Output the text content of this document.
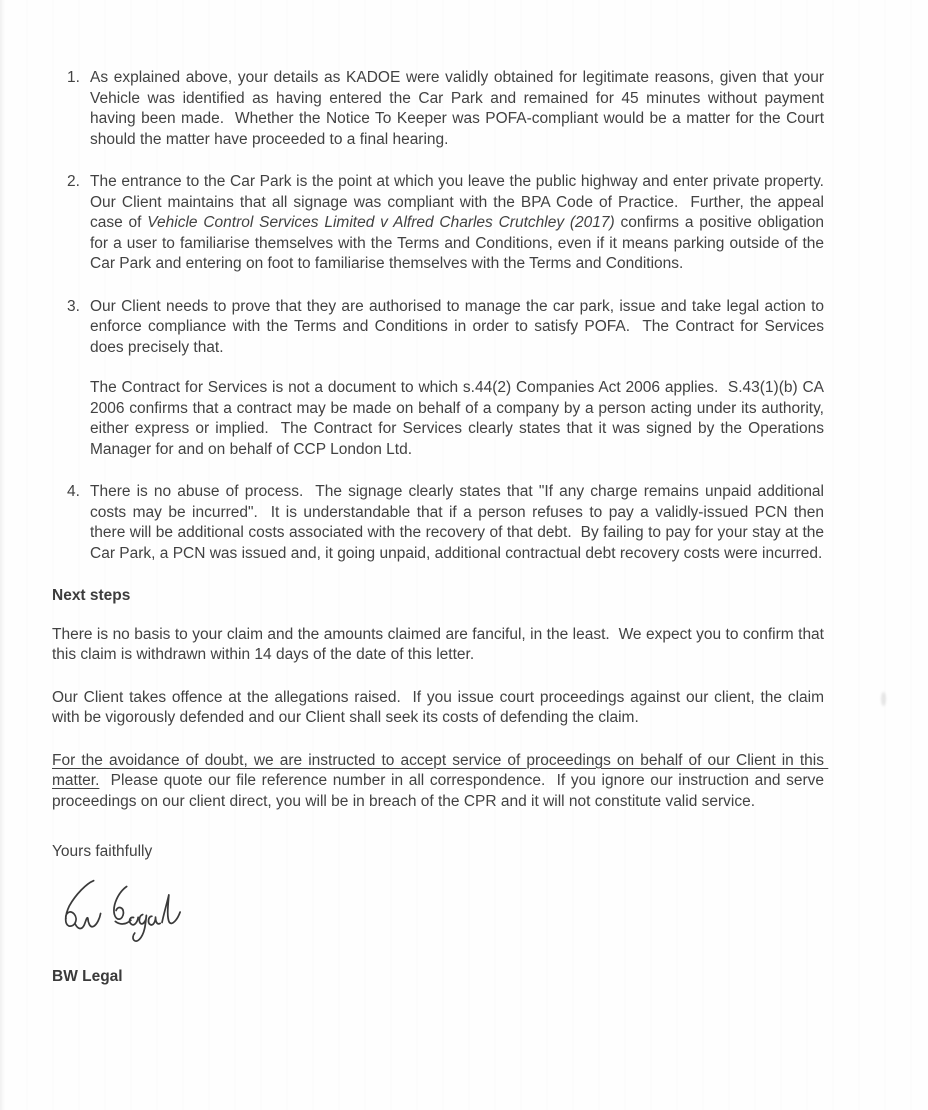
1. As explained above, your details as KADOE were validly obtained for legitimate reasons, given that your Vehicle was identified as having entered the Car Park and remained for 45 minutes without payment having been made.  Whether the Notice To Keeper was POFA-compliant would be a matter for the Court should the matter have proceeded to a final hearing.
2. The entrance to the Car Park is the point at which you leave the public highway and enter private property.  Our Client maintains that all signage was compliant with the BPA Code of Practice.  Further, the appeal case of Vehicle Control Services Limited v Alfred Charles Crutchley (2017) confirms a positive obligation for a user to familiarise themselves with the Terms and Conditions, even if it means parking outside of the Car Park and entering on foot to familiarise themselves with the Terms and Conditions.
3. Our Client needs to prove that they are authorised to manage the car park, issue and take legal action to enforce compliance with the Terms and Conditions in order to satisfy POFA.  The Contract for Services does precisely that.
The Contract for Services is not a document to which s.44(2) Companies Act 2006 applies.  S.43(1)(b) CA 2006 confirms that a contract may be made on behalf of a company by a person acting under its authority, either express or implied.  The Contract for Services clearly states that it was signed by the Operations Manager for and on behalf of CCP London Ltd.
4. There is no abuse of process.  The signage clearly states that "If any charge remains unpaid additional costs may be incurred".  It is understandable that if a person refuses to pay a validly-issued PCN then there will be additional costs associated with the recovery of that debt.  By failing to pay for your stay at the Car Park, a PCN was issued and, it going unpaid, additional contractual debt recovery costs were incurred.
Next steps

There is no basis to your claim and the amounts claimed are fanciful, in the least.  We expect you to confirm that this claim is withdrawn within 14 days of the date of this letter.

Our Client takes offence at the allegations raised.  If you issue court proceedings against our client, the claim with be vigorously defended and our Client shall seek its costs of defending the claim.

For the avoidance of doubt, we are instructed to accept service of proceedings on behalf of our Client in this matter.  Please quote our file reference number in all correspondence.  If you ignore our instruction and serve proceedings on our client direct, you will be in breach of the CPR and it will not constitute valid service.

Yours faithfully

BW Legal
